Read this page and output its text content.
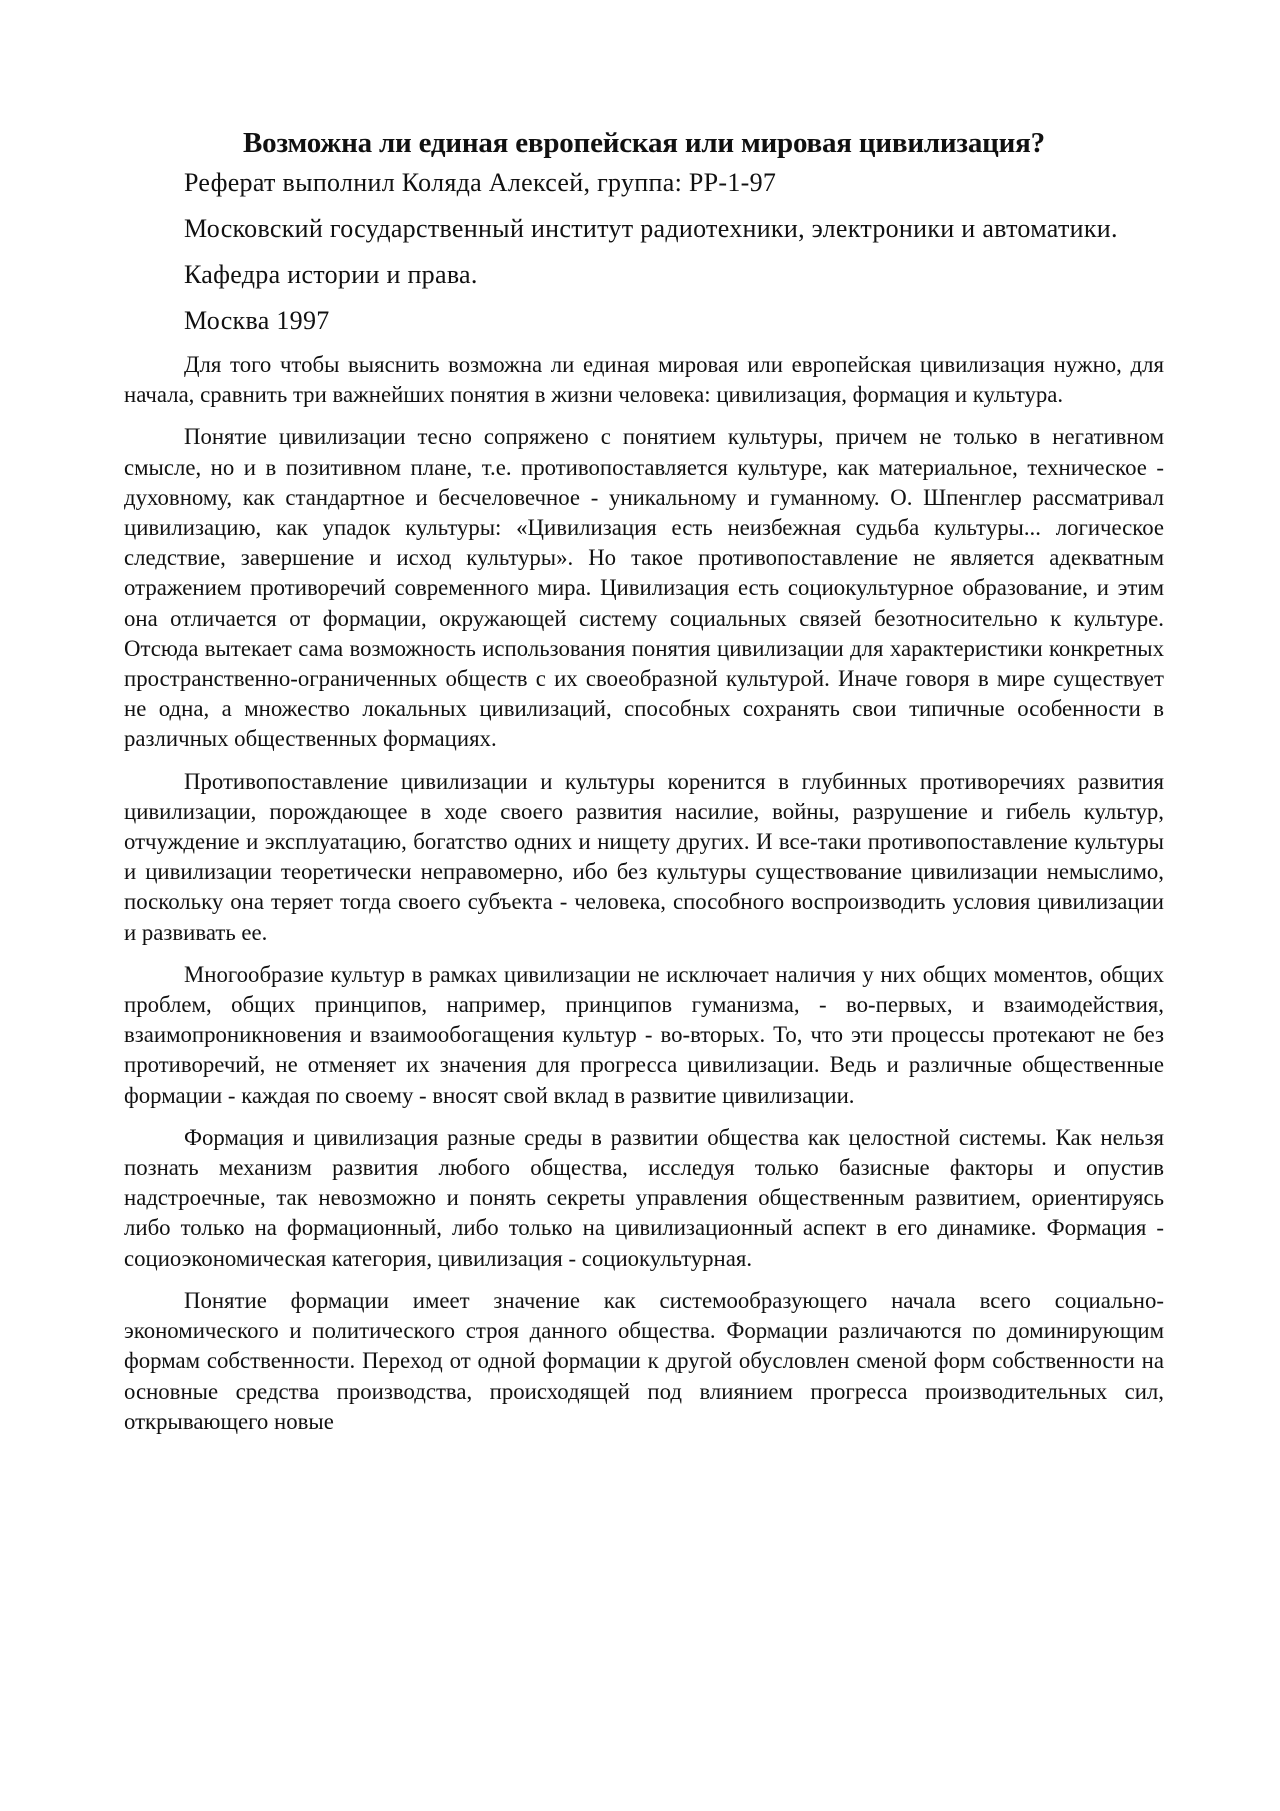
Возможна ли единая европейская или мировая цивилизация?

Реферат выполнил Коляда Алексей, группа: РР-1-97

Московский государственный институт радиотехники, электроники и автоматики.

Кафедра истории и права.

Москва 1997

Для того чтобы выяснить возможна ли единая мировая или европейская цивилизация нужно, для начала, сравнить три важнейших понятия в жизни человека: цивилизация, формация и культура.

Понятие цивилизации тесно сопряжено с понятием культуры, причем не только в негативном смысле, но и в позитивном плане, т.е. противопоставляется культуре, как материальное, техническое - духовному, как стандартное и бесчеловечное - уникальному и гуманному. О. Шпенглер рассматривал цивилизацию, как упадок культуры: «Цивилизация есть неизбежная судьба культуры... логическое следствие, завершение и исход культуры». Но такое противопоставление не является адекватным отражением противоречий современного мира. Цивилизация есть социокультурное образование, и этим она отличается от формации, окружающей систему социальных связей безотносительно к культуре. Отсюда вытекает сама возможность использования понятия цивилизации для характеристики конкретных пространственно-ограниченных обществ с их своеобразной культурой. Иначе говоря в мире существует не одна, а множество локальных цивилизаций, способных сохранять свои типичные особенности в различных общественных формациях.

Противопоставление цивилизации и культуры коренится в глубинных противоречиях развития цивилизации, порождающее в ходе своего развития насилие, войны, разрушение и гибель культур, отчуждение и эксплуатацию, богатство одних и нищету других. И все-таки противопоставление культуры и цивилизации теоретически неправомерно, ибо без культуры существование цивилизации немыслимо, поскольку она теряет тогда своего субъекта - человека, способного воспроизводить условия цивилизации и развивать ее.

Многообразие культур в рамках цивилизации не исключает наличия у них общих моментов, общих проблем, общих принципов, например, принципов гуманизма, - во-первых, и взаимодействия, взаимопроникновения и взаимообогащения культур - во-вторых. То, что эти процессы протекают не без противоречий, не отменяет их значения для прогресса цивилизации. Ведь и различные общественные формации - каждая по своему - вносят свой вклад в развитие цивилизации.

Формация и цивилизация разные среды в развитии общества как целостной системы. Как нельзя познать механизм развития любого общества, исследуя только базисные факторы и опустив надстроечные, так невозможно и понять секреты управления общественным развитием, ориентируясь либо только на формационный, либо только на цивилизационный аспект в его динамике. Формация - социоэкономическая категория, цивилизация - социокультурная.

Понятие формации имеет значение как системообразующего начала всего социально-экономического и политического строя данного общества. Формации различаются по доминирующим формам собственности. Переход от одной формации к другой обусловлен сменой форм собственности на основные средства производства, происходящей под влиянием прогресса производительных сил, открывающего новые
